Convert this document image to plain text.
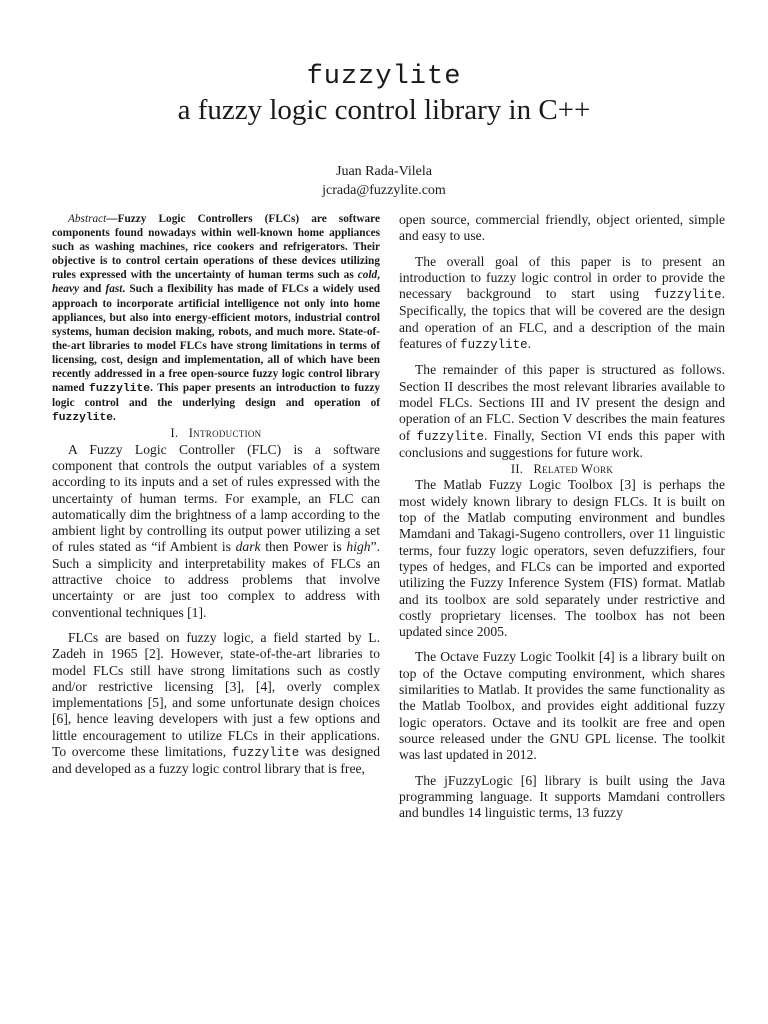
fuzzylite
a fuzzy logic control library in C++
Juan Rada-Vilela
jcrada@fuzzylite.com

Abstract—Fuzzy Logic Controllers (FLCs) are software components found nowadays within well-known home appliances such as washing machines, rice cookers and refrigerators. Their objective is to control certain operations of these devices utilizing rules expressed with the uncertainty of human terms such as cold, heavy and fast. Such a flexibility has made of FLCs a widely used approach to incorporate artificial intelligence not only into home appliances, but also into energy-efficient motors, industrial control systems, human decision making, robots, and much more. State-of-the-art libraries to model FLCs have strong limitations in terms of licensing, cost, design and implementation, all of which have been recently addressed in a free open-source fuzzy logic control library named fuzzylite. This paper presents an introduction to fuzzy logic control and the underlying design and operation of fuzzylite.

I. Introduction

A Fuzzy Logic Controller (FLC) is a software component that controls the output variables of a system according to its inputs and a set of rules expressed with the uncertainty of human terms. For example, an FLC can automatically dim the brightness of a lamp according to the ambient light by controlling its output power utilizing a set of rules stated as “if Ambient is dark then Power is high”. Such a simplicity and interpretability makes of FLCs an attractive choice to address problems that involve uncertainty or are just too complex to address with conventional techniques [1].

FLCs are based on fuzzy logic, a field started by L. Zadeh in 1965 [2]. However, state-of-the-art libraries to model FLCs still have strong limitations such as costly and/or restrictive licensing [3], [4], overly complex implementations [5], and some unfortunate design choices [6], hence leaving developers with just a few options and little encouragement to utilize FLCs in their applications. To overcome these limitations, fuzzylite was designed and developed as a fuzzy logic control library that is free,

open source, commercial friendly, object oriented, simple and easy to use.

The overall goal of this paper is to present an introduction to fuzzy logic control in order to provide the necessary background to start using fuzzylite. Specifically, the topics that will be covered are the design and operation of an FLC, and a description of the main features of fuzzylite.

The remainder of this paper is structured as follows. Section II describes the most relevant libraries available to model FLCs. Sections III and IV present the design and operation of an FLC. Section V describes the main features of fuzzylite. Finally, Section VI ends this paper with conclusions and suggestions for future work.

II. Related Work

The Matlab Fuzzy Logic Toolbox [3] is perhaps the most widely known library to design FLCs. It is built on top of the Matlab computing environment and bundles Mamdani and Takagi-Sugeno controllers, over 11 linguistic terms, four fuzzy logic operators, seven defuzzifiers, four types of hedges, and FLCs can be imported and exported utilizing the Fuzzy Inference System (FIS) format. Matlab and its toolbox are sold separately under restrictive and costly proprietary licenses. The toolbox has not been updated since 2005.

The Octave Fuzzy Logic Toolkit [4] is a library built on top of the Octave computing environment, which shares similarities to Matlab. It provides the same functionality as the Matlab Toolbox, and provides eight additional fuzzy logic operators. Octave and its toolkit are free and open source released under the GNU GPL license. The toolkit was last updated in 2012.

The jFuzzyLogic [6] library is built using the Java programming language. It supports Mamdani controllers and bundles 14 linguistic terms, 13 fuzzy
